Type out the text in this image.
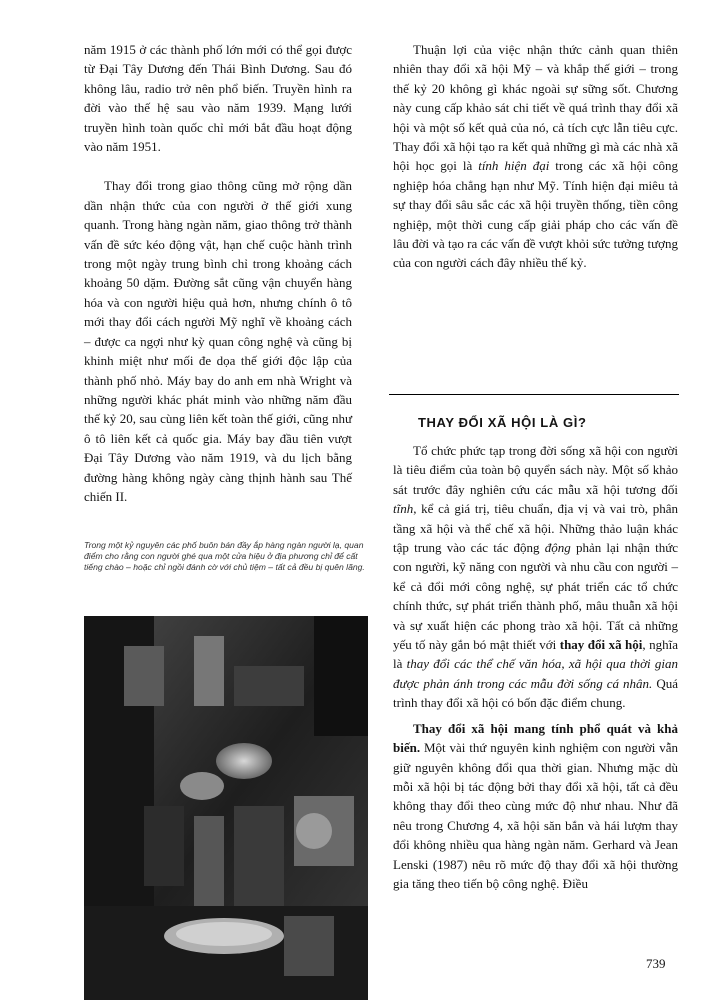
năm 1915 ở các thành phố lớn mới có thể gọi được từ Đại Tây Dương đến Thái Bình Dương. Sau đó không lâu, radio trở nên phổ biến. Truyền hình ra đời vào thế hệ sau vào năm 1939. Mạng lưới truyền hình toàn quốc chỉ mới bắt đầu hoạt động vào năm 1951.

Thay đổi trong giao thông cũng mở rộng dần dần nhận thức của con người ở thế giới xung quanh. Trong hàng ngàn năm, giao thông trở thành vấn đề sức kéo động vật, hạn chế cuộc hành trình trong một ngày trung bình chỉ trong khoảng cách khoảng 50 dặm. Đường sắt cũng vận chuyển hàng hóa và con người hiệu quả hơn, nhưng chính ô tô mới thay đổi cách người Mỹ nghĩ về khoảng cách – được ca ngợi như kỳ quan công nghệ và cũng bị khinh miệt như mối đe dọa thế giới độc lập của thành phố nhỏ. Máy bay do anh em nhà Wright và những người khác phát minh vào những năm đầu thế kỷ 20, sau cùng liên kết toàn thế giới, cũng như ô tô liên kết cả quốc gia. Máy bay đầu tiên vượt Đại Tây Dương vào năm 1919, và du lịch bằng đường hàng không ngày càng thịnh hành sau Thế chiến II.

Trong một kỷ nguyên các phố buôn bán đầy ắp hàng ngàn người lạ, quan điểm cho rằng con người ghé qua một cửa hiệu ở địa phương chỉ để cất tiếng chào – hoặc chỉ ngồi đánh cờ với chủ tiệm – tất cả đều bị quên lãng.

Thuận lợi của việc nhận thức cảnh quan thiên nhiên thay đổi xã hội Mỹ – và khắp thế giới – trong thế kỷ 20 không gì khác ngoài sự sững sốt. Chương này cung cấp khảo sát chi tiết về quá trình thay đổi xã hội và một số kết quả của nó, cả tích cực lẫn tiêu cực. Thay đổi xã hội tạo ra kết quả những gì mà các nhà xã hội học gọi là tính hiện đại trong các xã hội công nghiệp hóa chẳng hạn như Mỹ. Tính hiện đại miêu tả sự thay đổi sâu sắc các xã hội truyền thống, tiền công nghiệp, một thời cung cấp giải pháp cho các vấn đề lâu đời và tạo ra các vấn đề vượt khỏi sức tưởng tượng của con người cách đây nhiều thế kỷ.

THAY ĐỔI XÃ HỘI LÀ GÌ?

Tổ chức phức tạp trong đời sống xã hội con người là tiêu điểm của toàn bộ quyển sách này. Một số khảo sát trước đây nghiên cứu các mẫu xã hội tương đối tĩnh, kể cả giá trị, tiêu chuẩn, địa vị và vai trò, phân tầng xã hội và thể chế xã hội. Những thảo luận khác tập trung vào các tác động động phản lại nhận thức con người, kỹ năng con người và nhu cầu con người – kể cả đổi mới công nghệ, sự phát triển các tổ chức chính thức, sự phát triển thành phố, mâu thuẫn xã hội và sự xuất hiện các phong trào xã hội. Tất cả những yếu tố này gắn bó mật thiết với thay đổi xã hội, nghĩa là thay đổi các thể chế văn hóa, xã hội qua thời gian được phản ánh trong các mẫu đời sống cá nhân. Quá trình thay đổi xã hội có bốn đặc điểm chung.

Thay đổi xã hội mang tính phổ quát và khả biến. Một vài thứ nguyên kinh nghiệm con người vẫn giữ nguyên không đổi qua thời gian. Nhưng mặc dù mỗi xã hội bị tác động bởi thay đổi xã hội, tất cả đều không thay đổi theo cùng mức độ như nhau. Như đã nêu trong Chương 4, xã hội săn bắn và hái lượm thay đổi không nhiều qua hàng ngàn năm. Gerhard và Jean Lenski (1987) nêu rõ mức độ thay đổi xã hội thường gia tăng theo tiến bộ công nghệ. Điều

739
